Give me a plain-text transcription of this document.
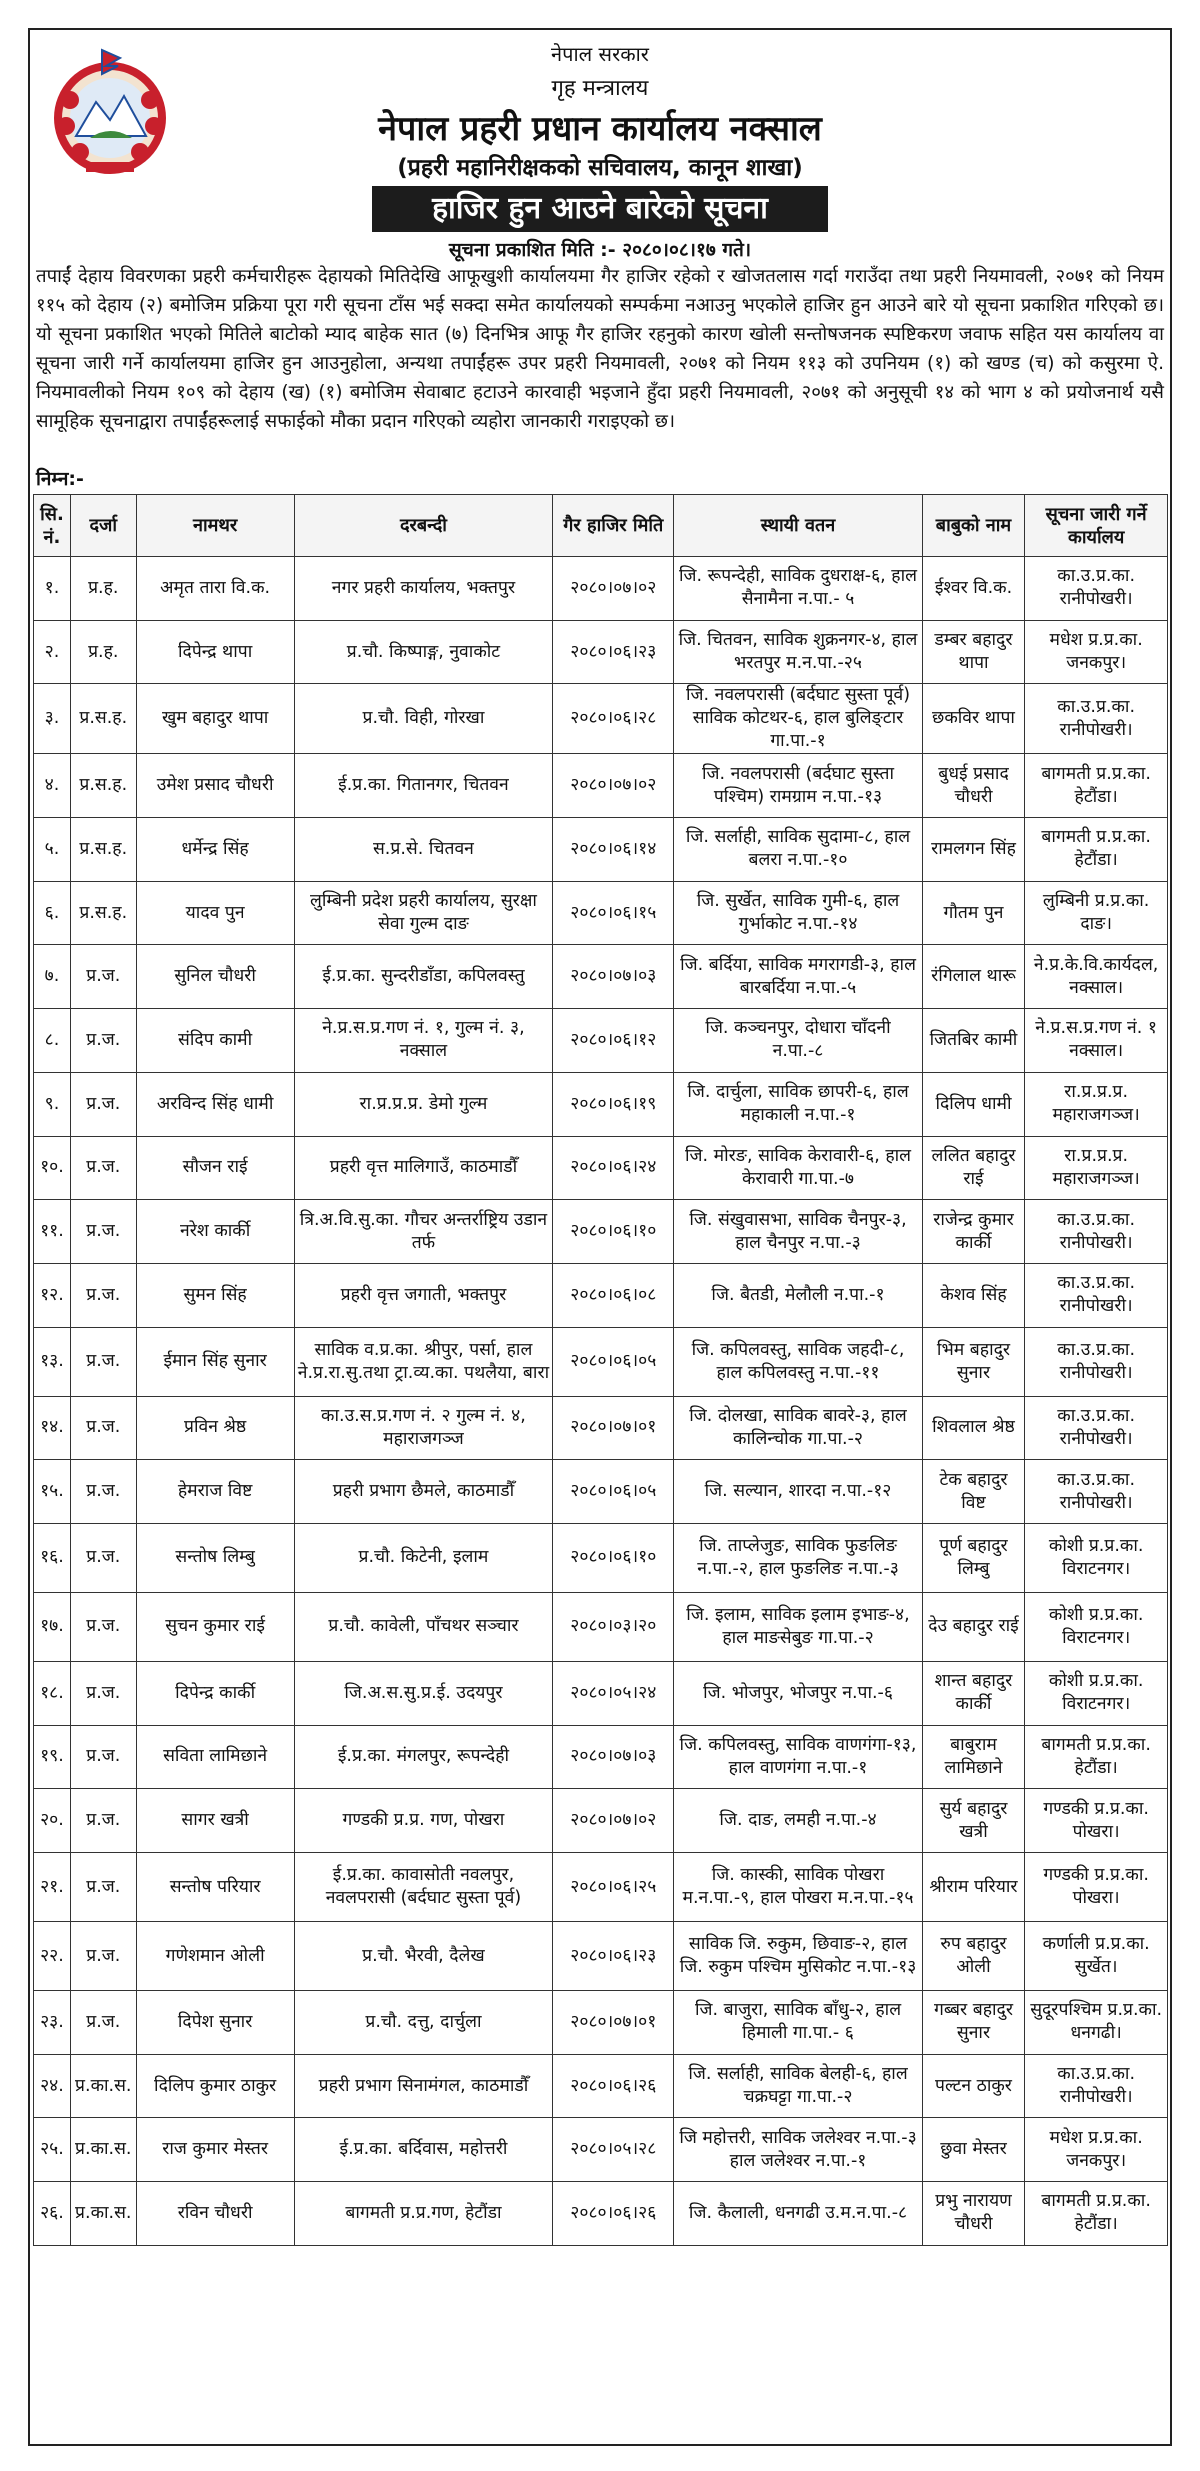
नेपाल सरकार
गृह मन्त्रालय
नेपाल प्रहरी प्रधान कार्यालय नक्साल
(प्रहरी महानिरीक्षकको सचिवालय, कानून शाखा)
हाजिर हुन आउने बारेको सूचना
सूचना प्रकाशित मिति :- २०८०।०८।१७ गते।
तपाईं देहाय विवरणका प्रहरी कर्मचारीहरू देहायको मितिदेखि आफूखुशी कार्यालयमा गैर हाजिर रहेको र खोजतलास गर्दा गराउँदा तथा प्रहरी नियमावली, २०७१ को नियम ११५ को देहाय (२) बमोजिम प्रक्रिया पूरा गरी सूचना टाँस भई सक्दा समेत कार्यालयको सम्पर्कमा नआउनु भएकोले हाजिर हुन आउने बारे यो सूचना प्रकाशित गरिएको छ। यो सूचना प्रकाशित भएको मितिले बाटोको म्याद बाहेक सात (७) दिनभित्र आफू गैर हाजिर रहनुको कारण खोली सन्तोषजनक स्पष्टिकरण जवाफ सहित यस कार्यालय वा सूचना जारी गर्ने कार्यालयमा हाजिर हुन आउनुहोला, अन्यथा तपाईंहरू उपर प्रहरी नियमावली, २०७१ को नियम ११३ को उपनियम (१) को खण्ड (च) को कसुरमा ऐ. नियमावलीको नियम १०९ को देहाय (ख) (१) बमोजिम सेवाबाट हटाउने कारवाही भइजाने हुँदा प्रहरी नियमावली, २०७१ को अनुसूची १४ को भाग ४ को प्रयोजनार्थ यसै सामूहिक सूचनाद्वारा तपाईंहरूलाई सफाईको मौका प्रदान गरिएको व्यहोरा जानकारी गराइएको छ।
निम्न:-
सि. नं.	दर्जा	नामथर	दरबन्दी	गैर हाजिर मिति	स्थायी वतन	बाबुको नाम	सूचना जारी गर्ने कार्यालय
१.	प्र.ह.	अमृत तारा वि.क.	नगर प्रहरी कार्यालय, भक्तपुर	२०८०।०७।०२	जि. रूपन्देही, साविक दुधराक्ष-६, हाल सैनामैना न.पा.- ५	ईश्वर वि.क.	का.उ.प्र.का. रानीपोखरी।
२.	प्र.ह.	दिपेन्द्र थापा	प्र.चौ. किष्पाङ्ग, नुवाकोट	२०८०।०६।२३	जि. चितवन, साविक शुक्रनगर-४, हाल भरतपुर म.न.पा.-२५	डम्बर बहादुर थापा	मधेश प्र.प्र.का. जनकपुर।
३.	प्र.स.ह.	खुम बहादुर थापा	प्र.चौ. विही, गोरखा	२०८०।०६।२८	जि. नवलपरासी (बर्दघाट सुस्ता पूर्व) साविक कोटथर-६, हाल बुलिङ्टार गा.पा.-१	छकविर थापा	का.उ.प्र.का. रानीपोखरी।
४.	प्र.स.ह.	उमेश प्रसाद चौधरी	ई.प्र.का. गितानगर, चितवन	२०८०।०७।०२	जि. नवलपरासी (बर्दघाट सुस्ता पश्चिम) रामग्राम न.पा.-१३	बुधई प्रसाद चौधरी	बागमती प्र.प्र.का. हेटौंडा।
५.	प्र.स.ह.	धर्मेन्द्र सिंह	स.प्र.से. चितवन	२०८०।०६।१४	जि. सर्लाही, साविक सुदामा-८, हाल बलरा न.पा.-१०	रामलगन सिंह	बागमती प्र.प्र.का. हेटौंडा।
६.	प्र.स.ह.	यादव पुन	लुम्बिनी प्रदेश प्रहरी कार्यालय, सुरक्षा सेवा गुल्म दाङ	२०८०।०६।१५	जि. सुर्खेत, साविक गुमी-६, हाल गुर्भाकोट न.पा.-१४	गौतम पुन	लुम्बिनी प्र.प्र.का. दाङ।
७.	प्र.ज.	सुनिल चौधरी	ई.प्र.का. सुन्दरीडाँडा, कपिलवस्तु	२०८०।०७।०३	जि. बर्दिया, साविक मगरागडी-३, हाल बारबर्दिया न.पा.-५	रंगिलाल थारू	ने.प्र.के.वि.कार्यदल, नक्साल।
८.	प्र.ज.	संदिप कामी	ने.प्र.स.प्र.गण नं. १, गुल्म नं. ३, नक्साल	२०८०।०६।१२	जि. कञ्चनपुर, दोधारा चाँदनी न.पा.-८	जितबिर कामी	ने.प्र.स.प्र.गण नं. १ नक्साल।
९.	प्र.ज.	अरविन्द सिंह धामी	रा.प्र.प्र.प्र. डेमो गुल्म	२०८०।०६।१९	जि. दार्चुला, साविक छापरी-६, हाल महाकाली न.पा.-१	दिलिप धामी	रा.प्र.प्र.प्र. महाराजगञ्ज।
१०.	प्र.ज.	सौजन राई	प्रहरी वृत्त मालिगाउँ, काठमाडौँ	२०८०।०६।२४	जि. मोरङ, साविक केरावारी-६, हाल केरावारी गा.पा.-७	ललित बहादुर राई	रा.प्र.प्र.प्र. महाराजगञ्ज।
११.	प्र.ज.	नरेश कार्की	त्रि.अ.वि.सु.का. गौचर अन्तर्राष्ट्रिय उडान तर्फ	२०८०।०६।१०	जि. संखुवासभा, साविक चैनपुर-३, हाल चैनपुर न.पा.-३	राजेन्द्र कुमार कार्की	का.उ.प्र.का. रानीपोखरी।
१२.	प्र.ज.	सुमन सिंह	प्रहरी वृत्त जगाती, भक्तपुर	२०८०।०६।०८	जि. बैतडी, मेलौली न.पा.-१	केशव सिंह	का.उ.प्र.का. रानीपोखरी।
१३.	प्र.ज.	ईमान सिंह सुनार	साविक व.प्र.का. श्रीपुर, पर्सा, हाल ने.प्र.रा.सु.तथा ट्रा.व्य.का. पथलैया, बारा	२०८०।०६।०५	जि. कपिलवस्तु, साविक जहदी-८, हाल कपिलवस्तु न.पा.-११	भिम बहादुर सुनार	का.उ.प्र.का. रानीपोखरी।
१४.	प्र.ज.	प्रविन श्रेष्ठ	का.उ.स.प्र.गण नं. २ गुल्म नं. ४, महाराजगञ्ज	२०८०।०७।०१	जि. दोलखा, साविक बावरे-३, हाल कालिन्चोक गा.पा.-२	शिवलाल श्रेष्ठ	का.उ.प्र.का. रानीपोखरी।
१५.	प्र.ज.	हेमराज विष्ट	प्रहरी प्रभाग छैमले, काठमाडौँ	२०८०।०६।०५	जि. सल्यान, शारदा न.पा.-१२	टेक बहादुर विष्ट	का.उ.प्र.का. रानीपोखरी।
१६.	प्र.ज.	सन्तोष लिम्बु	प्र.चौ. किटेनी, इलाम	२०८०।०६।१०	जि. ताप्लेजुङ, साविक फुङलिङ न.पा.-२, हाल फुङलिङ न.पा.-३	पूर्ण बहादुर लिम्बु	कोशी प्र.प्र.का. विराटनगर।
१७.	प्र.ज.	सुचन कुमार राई	प्र.चौ. कावेली, पाँचथर सञ्चार	२०८०।०३।२०	जि. इलाम, साविक इलाम इभाङ-४, हाल माङसेबुङ गा.पा.-२	देउ बहादुर राई	कोशी प्र.प्र.का. विराटनगर।
१८.	प्र.ज.	दिपेन्द्र कार्की	जि.अ.स.सु.प्र.ई. उदयपुर	२०८०।०५।२४	जि. भोजपुर, भोजपुर न.पा.-६	शान्त बहादुर कार्की	कोशी प्र.प्र.का. विराटनगर।
१९.	प्र.ज.	सविता लामिछाने	ई.प्र.का. मंगलपुर, रूपन्देही	२०८०।०७।०३	जि. कपिलवस्तु, साविक वाणगंगा-१३, हाल वाणगंगा न.पा.-१	बाबुराम लामिछाने	बागमती प्र.प्र.का. हेटौंडा।
२०.	प्र.ज.	सागर खत्री	गण्डकी प्र.प्र. गण, पोखरा	२०८०।०७।०२	जि. दाङ, लमही न.पा.-४	सुर्य बहादुर खत्री	गण्डकी प्र.प्र.का. पोखरा।
२१.	प्र.ज.	सन्तोष परियार	ई.प्र.का. कावासोती नवलपुर, नवलपरासी (बर्दघाट सुस्ता पूर्व)	२०८०।०६।२५	जि. कास्की, साविक पोखरा म.न.पा.-९, हाल पोखरा म.न.पा.-१५	श्रीराम परियार	गण्डकी प्र.प्र.का. पोखरा।
२२.	प्र.ज.	गणेशमान ओली	प्र.चौ. भैरवी, दैलेख	२०८०।०६।२३	साविक जि. रुकुम, छिवाङ-२, हाल जि. रुकुम पश्चिम मुसिकोट न.पा.-१३	रुप बहादुर ओली	कर्णाली प्र.प्र.का. सुर्खेत।
२३.	प्र.ज.	दिपेश सुनार	प्र.चौ. दत्तु, दार्चुला	२०८०।०७।०१	जि. बाजुरा, साविक बाँधु-२, हाल हिमाली गा.पा.- ६	गब्बर बहादुर सुनार	सुदूरपश्चिम प्र.प्र.का. धनगढी।
२४.	प्र.का.स.	दिलिप कुमार ठाकुर	प्रहरी प्रभाग सिनामंगल, काठमाडौँ	२०८०।०६।२६	जि. सर्लाही, साविक बेलही-६, हाल चक्रघट्टा गा.पा.-२	पल्टन ठाकुर	का.उ.प्र.का. रानीपोखरी।
२५.	प्र.का.स.	राज कुमार मेस्तर	ई.प्र.का. बर्दिवास, महोत्तरी	२०८०।०५।२८	जि महोत्तरी, साविक जलेश्वर न.पा.-३ हाल जलेश्वर न.पा.-१	छुवा मेस्तर	मधेश प्र.प्र.का. जनकपुर।
२६.	प्र.का.स.	रविन चौधरी	बागमती प्र.प्र.गण, हेटौंडा	२०८०।०६।२६	जि. कैलाली, धनगढी उ.म.न.पा.-८	प्रभु नारायण चौधरी	बागमती प्र.प्र.का. हेटौंडा।
